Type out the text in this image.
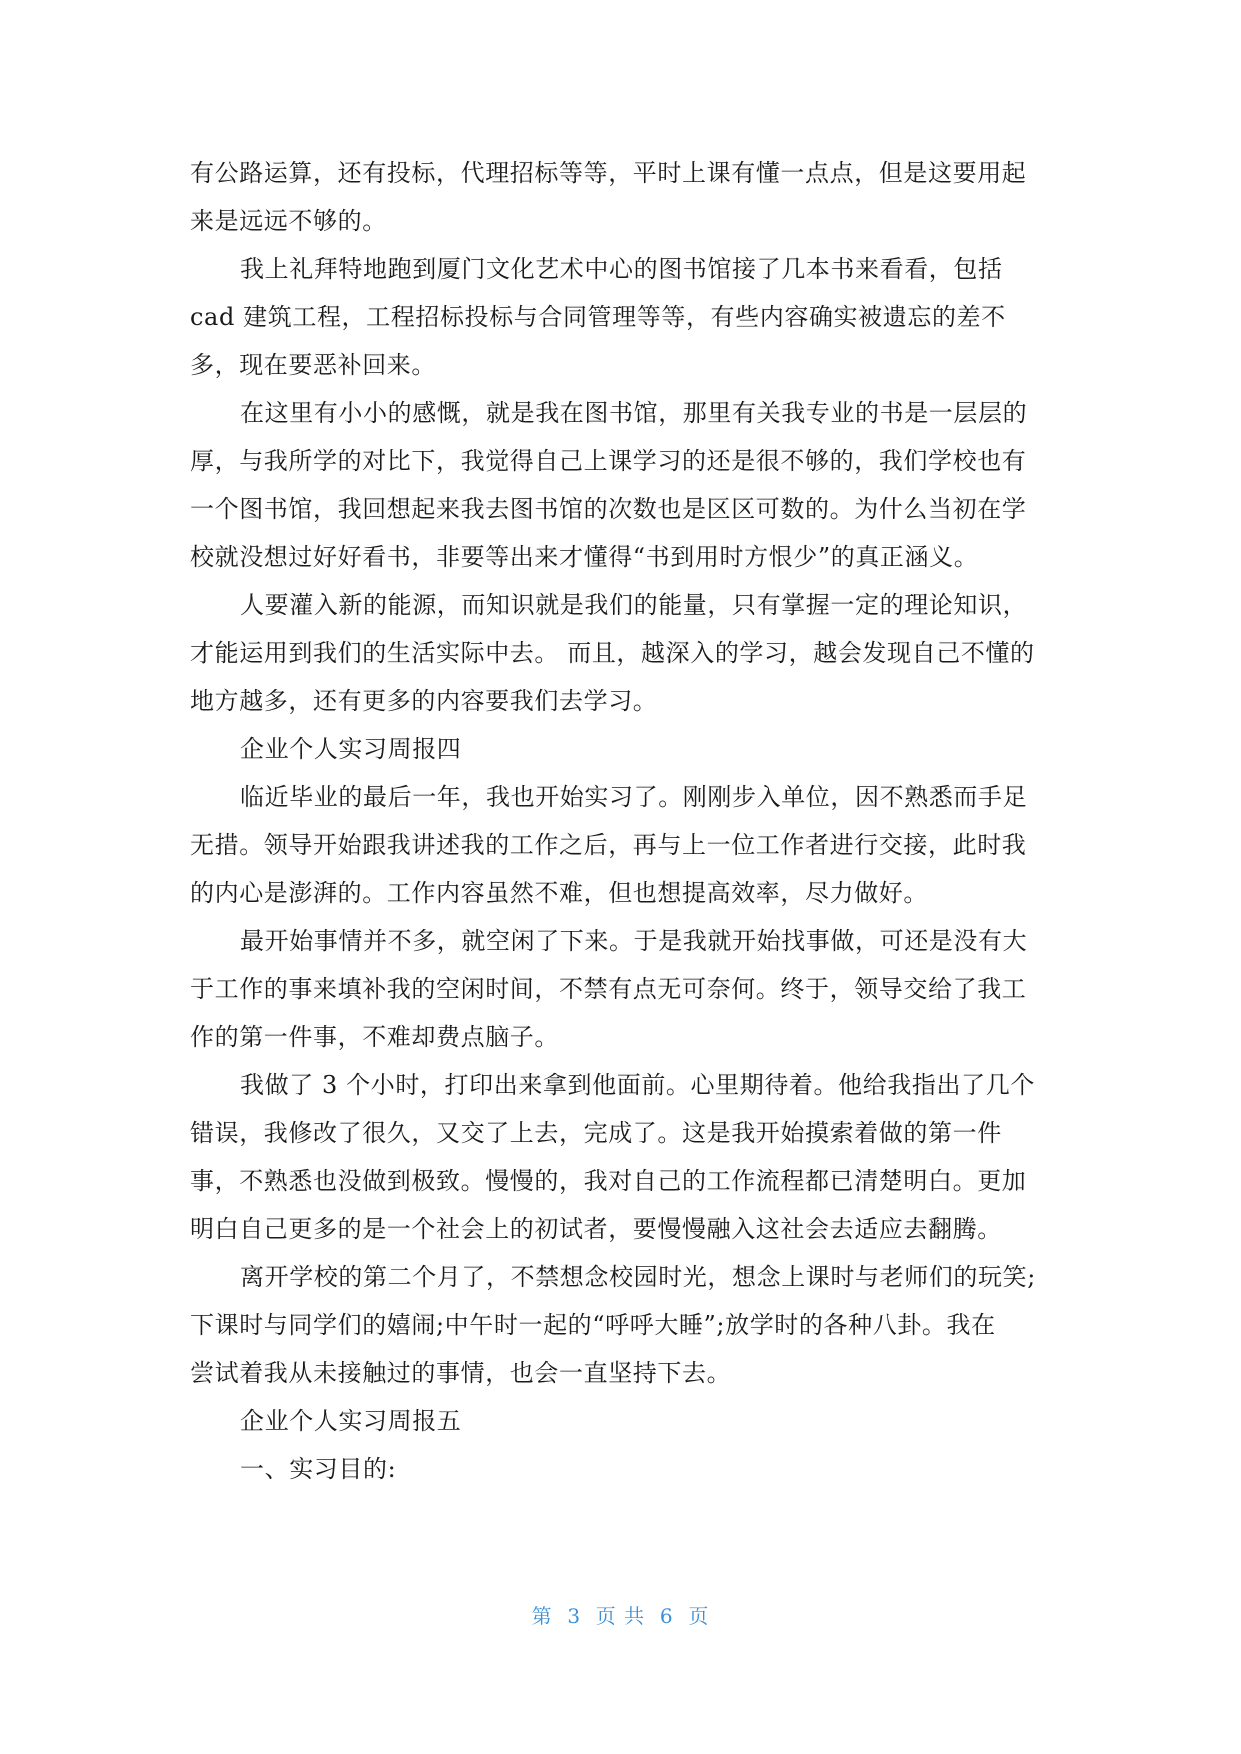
有公路运算，还有投标，代理招标等等，平时上课有懂一点点，但是这要用起
来是远远不够的。
我上礼拜特地跑到厦门文化艺术中心的图书馆接了几本书来看看，包括
cad 建筑工程，工程招标投标与合同管理等等，有些内容确实被遗忘的差不
多，现在要恶补回来。
在这里有小小的感慨，就是我在图书馆，那里有关我专业的书是一层层的
厚，与我所学的对比下，我觉得自己上课学习的还是很不够的，我们学校也有
一个图书馆，我回想起来我去图书馆的次数也是区区可数的。为什么当初在学
校就没想过好好看书，非要等出来才懂得“书到用时方恨少”的真正涵义。
人要灌入新的能源，而知识就是我们的能量，只有掌握一定的理论知识，
才能运用到我们的生活实际中去。 而且，越深入的学习，越会发现自己不懂的
地方越多，还有更多的内容要我们去学习。
企业个人实习周报四
临近毕业的最后一年，我也开始实习了。刚刚步入单位，因不熟悉而手足
无措。领导开始跟我讲述我的工作之后，再与上一位工作者进行交接，此时我
的内心是澎湃的。工作内容虽然不难，但也想提高效率，尽力做好。
最开始事情并不多，就空闲了下来。于是我就开始找事做，可还是没有大
于工作的事来填补我的空闲时间，不禁有点无可奈何。终于，领导交给了我工
作的第一件事，不难却费点脑子。
我做了 3 个小时，打印出来拿到他面前。心里期待着。他给我指出了几个
错误，我修改了很久，又交了上去，完成了。这是我开始摸索着做的第一件
事，不熟悉也没做到极致。慢慢的，我对自己的工作流程都已清楚明白。更加
明白自己更多的是一个社会上的初试者，要慢慢融入这社会去适应去翻腾。
离开学校的第二个月了，不禁想念校园时光，想念上课时与老师们的玩笑;
下课时与同学们的嬉闹;中午时一起的“呼呼大睡”;放学时的各种八卦。我在
尝试着我从未接触过的事情，也会一直坚持下去。
企业个人实习周报五
一、实习目的:
第  3  页 共  6  页
